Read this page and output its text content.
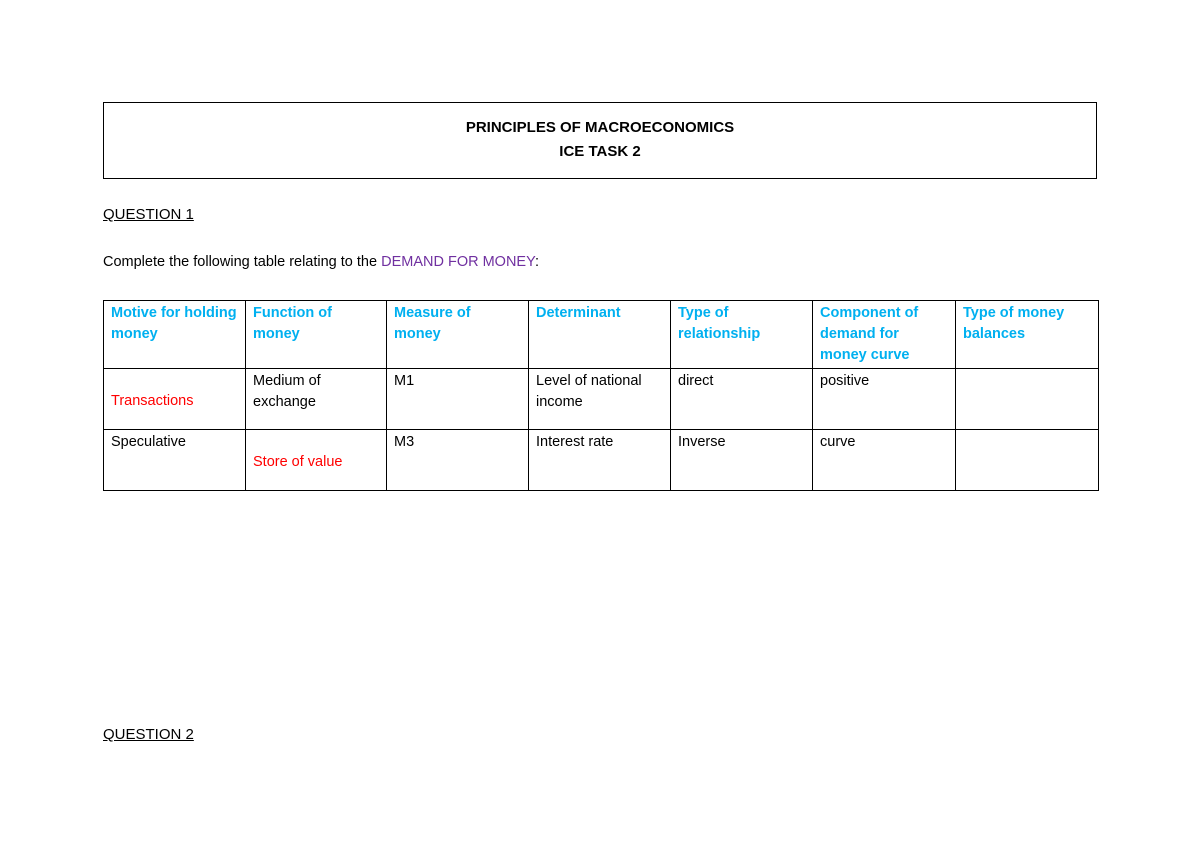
PRINCIPLES OF MACROECONOMICS
ICE TASK 2
QUESTION 1
Complete the following table relating to the DEMAND FOR MONEY:
Motive for holding money	Function of money	Measure of money	Determinant	Type of relationship	Component of demand for money curve	Type of money balances

Transactions	Medium of exchange	M1	Level of national income	direct	positive	
Speculative	Store of value	M3	Interest rate	Inverse	curve	
QUESTION 2
